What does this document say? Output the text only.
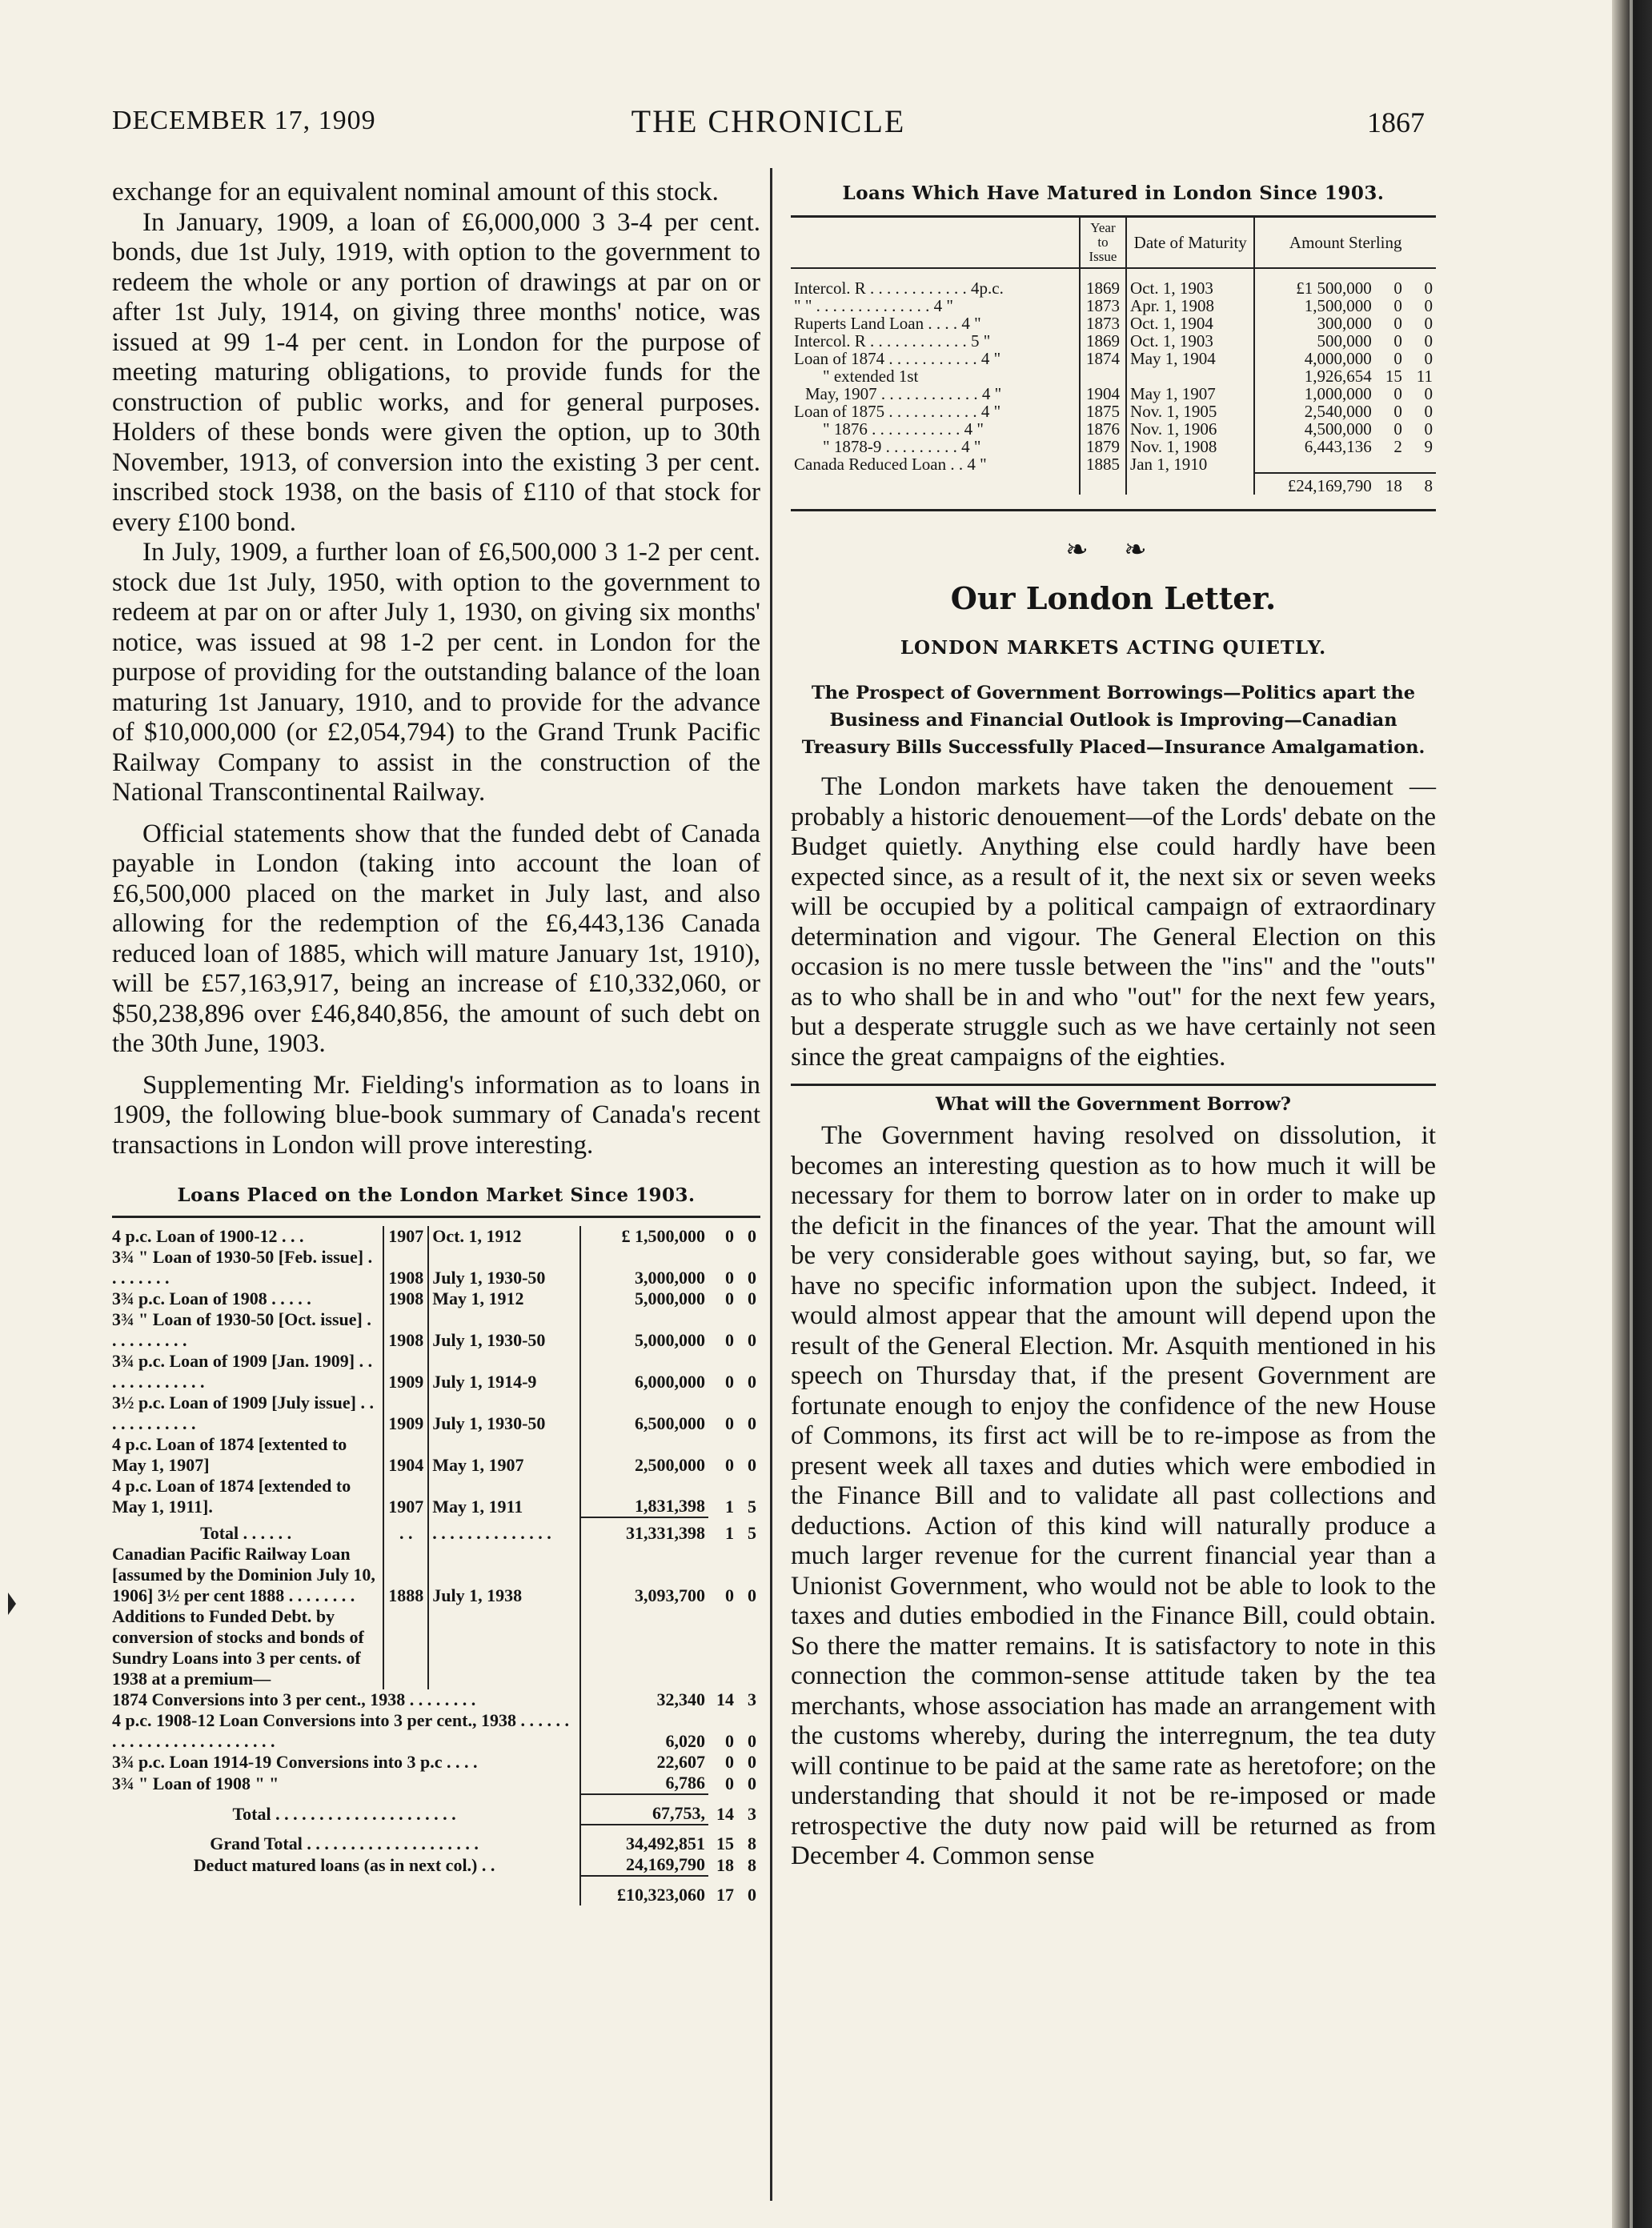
DECEMBER 17, 1909	THE CHRONICLE	1867

exchange for an equivalent nominal amount of this stock.

In January, 1909, a loan of £6,000,000 3 3-4 per cent. bonds, due 1st July, 1919, with option to the government to redeem the whole or any portion of drawings at par on or after 1st July, 1914, on giving three months' notice, was issued at 99 1-4 per cent. in London for the purpose of meeting maturing obligations, to provide funds for the construction of public works, and for general purposes. Holders of these bonds were given the option, up to 30th November, 1913, of conversion into the existing 3 per cent. inscribed stock 1938, on the basis of £110 of that stock for every £100 bond.

In July, 1909, a further loan of £6,500,000 3 1-2 per cent. stock due 1st July, 1950, with option to the government to redeem at par on or after July 1, 1930, on giving six months' notice, was issued at 98 1-2 per cent. in London for the purpose of providing for the outstanding balance of the loan maturing 1st January, 1910, and to provide for the advance of $10,000,000 (or £2,054,794) to the Grand Trunk Pacific Railway Company to assist in the construction of the National Transcontinental Railway.

Official statements show that the funded debt of Canada payable in London (taking into account the loan of £6,500,000 placed on the market in July last, and also allowing for the redemption of the £6,443,136 Canada reduced loan of 1885, which will mature January 1st, 1910), will be £57,163,917, being an increase of £10,332,060, or $50,238,896 over £46,840,856, the amount of such debt on the 30th June, 1903.

Supplementing Mr. Fielding's information as to loans in 1909, the following blue-book summary of Canada's recent transactions in London will prove interesting.

Loans Placed on the London Market Since 1903.
4 p.c. Loan of 1900-12 . . .	1907	Oct. 1, 1912	£ 1,500,000	0	0
3¾ " Loan of 1930-50 [Feb. issue] . . . . . . . .	1908	July 1, 1930-50	3,000,000	0	0
3¾ p.c. Loan of 1908 . . . . .	1908	May 1, 1912	5,000,000	0	0
3¾ " Loan of 1930-50 [Oct. issue] . . . . . . . . . .	1908	July 1, 1930-50	5,000,000	0	0
3¾ p.c. Loan of 1909 [Jan. 1909] . . . . . . . . . . . . .	1909	July 1, 1914-9	6,000,000	0	0
3½ p.c. Loan of 1909 [July issue] . . . . . . . . . . . .	1909	July 1, 1930-50	6,500,000	0	0
4 p.c. Loan of 1874 [extented to May 1, 1907]	1904	May 1, 1907	2,500,000	0	0
4 p.c. Loan of 1874 [extended to May 1, 1911].	1907	May 1, 1911	1,831,398	1	5
Total . . . . . .	. .	. . . . . . . . . . . . . .	31,331,398	1	5
Canadian Pacific Railway Loan [assumed by the Dominion July 10, 1906] 3½ per cent 1888 . . . . . . . .	1888	July 1, 1938	3,093,700	0	0
Additions to Funded Debt. by conversion of stocks and bonds of Sundry Loans into 3 per cents. of 1938 at a premium—					
1874 Conversions into 3 per cent., 1938 . . . . . . . .			32,340	14	3
4 p.c. 1908-12 Loan Conversions into 3 per cent., 1938 . . . . . . . . . . . . . . . . . . . . . . . . .			6,020	0	0
3¾ p.c. Loan 1914-19 Conversions into 3 p.c . . . .			22,607	0	0
3¾ " Loan of 1908 " "			6,786	0	0
Total . . . . . . . . . . . . . . . . . . . . .			67,753,	14	3
Grand Total . . . . . . . . . . . . . . . . . . . .			34,492,851	15	8
Deduct matured loans (as in next col.) . .			24,169,790	18	8
			£10,323,060	17	0
Loans Which Have Matured in London Since 1903.
	Year to Issue	Date of Maturity	Amount Sterling		

Intercol. R . . . . . . . . . . . . 4p.c.	1869	Oct. 1, 1903	£1 500,000	0	0
" " . . . . . . . . . . . . . . 4 "	1873	Apr. 1, 1908	1,500,000	0	0
Ruperts Land Loan . . . . 4 "	1873	Oct. 1, 1904	300,000	0	0
Intercol. R . . . . . . . . . . . . 5 "	1869	Oct. 1, 1903	500,000	0	0
Loan of 1874 . . . . . . . . . . . 4 "	1874	May 1, 1904	4,000,000	0	0
" extended 1st			1,926,654	15	11
May, 1907 . . . . . . . . . . . . 4 "	1904	May 1, 1907	1,000,000	0	0
Loan of 1875 . . . . . . . . . . . 4 "	1875	Nov. 1, 1905	2,540,000	0	0
" 1876 . . . . . . . . . . . 4 "	1876	Nov. 1, 1906	4,500,000	0	0
" 1878-9 . . . . . . . . . 4 "	1879	Nov. 1, 1908	6,443,136	2	9
Canada Reduced Loan . . 4 "	1885	Jan 1, 1910			
			£24,169,790	18	8
❧ ❧
Our London Letter.
LONDON MARKETS ACTING QUIETLY.
The Prospect of Government Borrowings—Politics apart the Business and Financial Outlook is Improving—Canadian Treasury Bills Successfully Placed—Insurance Amalgamation.

The London markets have taken the denouement —probably a historic denouement—of the Lords' debate on the Budget quietly. Anything else could hardly have been expected since, as a result of it, the next six or seven weeks will be occupied by a political campaign of extraordinary determination and vigour. The General Election on this occasion is no mere tussle between the "ins" and the "outs" as to who shall be in and who "out" for the next few years, but a desperate struggle such as we have certainly not seen since the great campaigns of the eighties.

What will the Government Borrow?

The Government having resolved on dissolution, it becomes an interesting question as to how much it will be necessary for them to borrow later on in order to make up the deficit in the finances of the year. That the amount will be very considerable goes without saying, but, so far, we have no specific information upon the subject. Indeed, it would almost appear that the amount will depend upon the result of the General Election. Mr. Asquith mentioned in his speech on Thursday that, if the present Government are fortunate enough to enjoy the confidence of the new House of Commons, its first act will be to re-impose as from the present week all taxes and duties which were embodied in the Finance Bill and to validate all past collections and deductions. Action of this kind will naturally produce a much larger revenue for the current financial year than a Unionist Government, who would not be able to look to the taxes and duties embodied in the Finance Bill, could obtain. So there the matter remains. It is satisfactory to note in this connection the common-sense attitude taken by the tea merchants, whose association has made an arrangement with the customs whereby, during the interregnum, the tea duty will continue to be paid at the same rate as heretofore; on the understanding that should it not be re-imposed or made retrospective the duty now paid will be returned as from December 4. Common sense
